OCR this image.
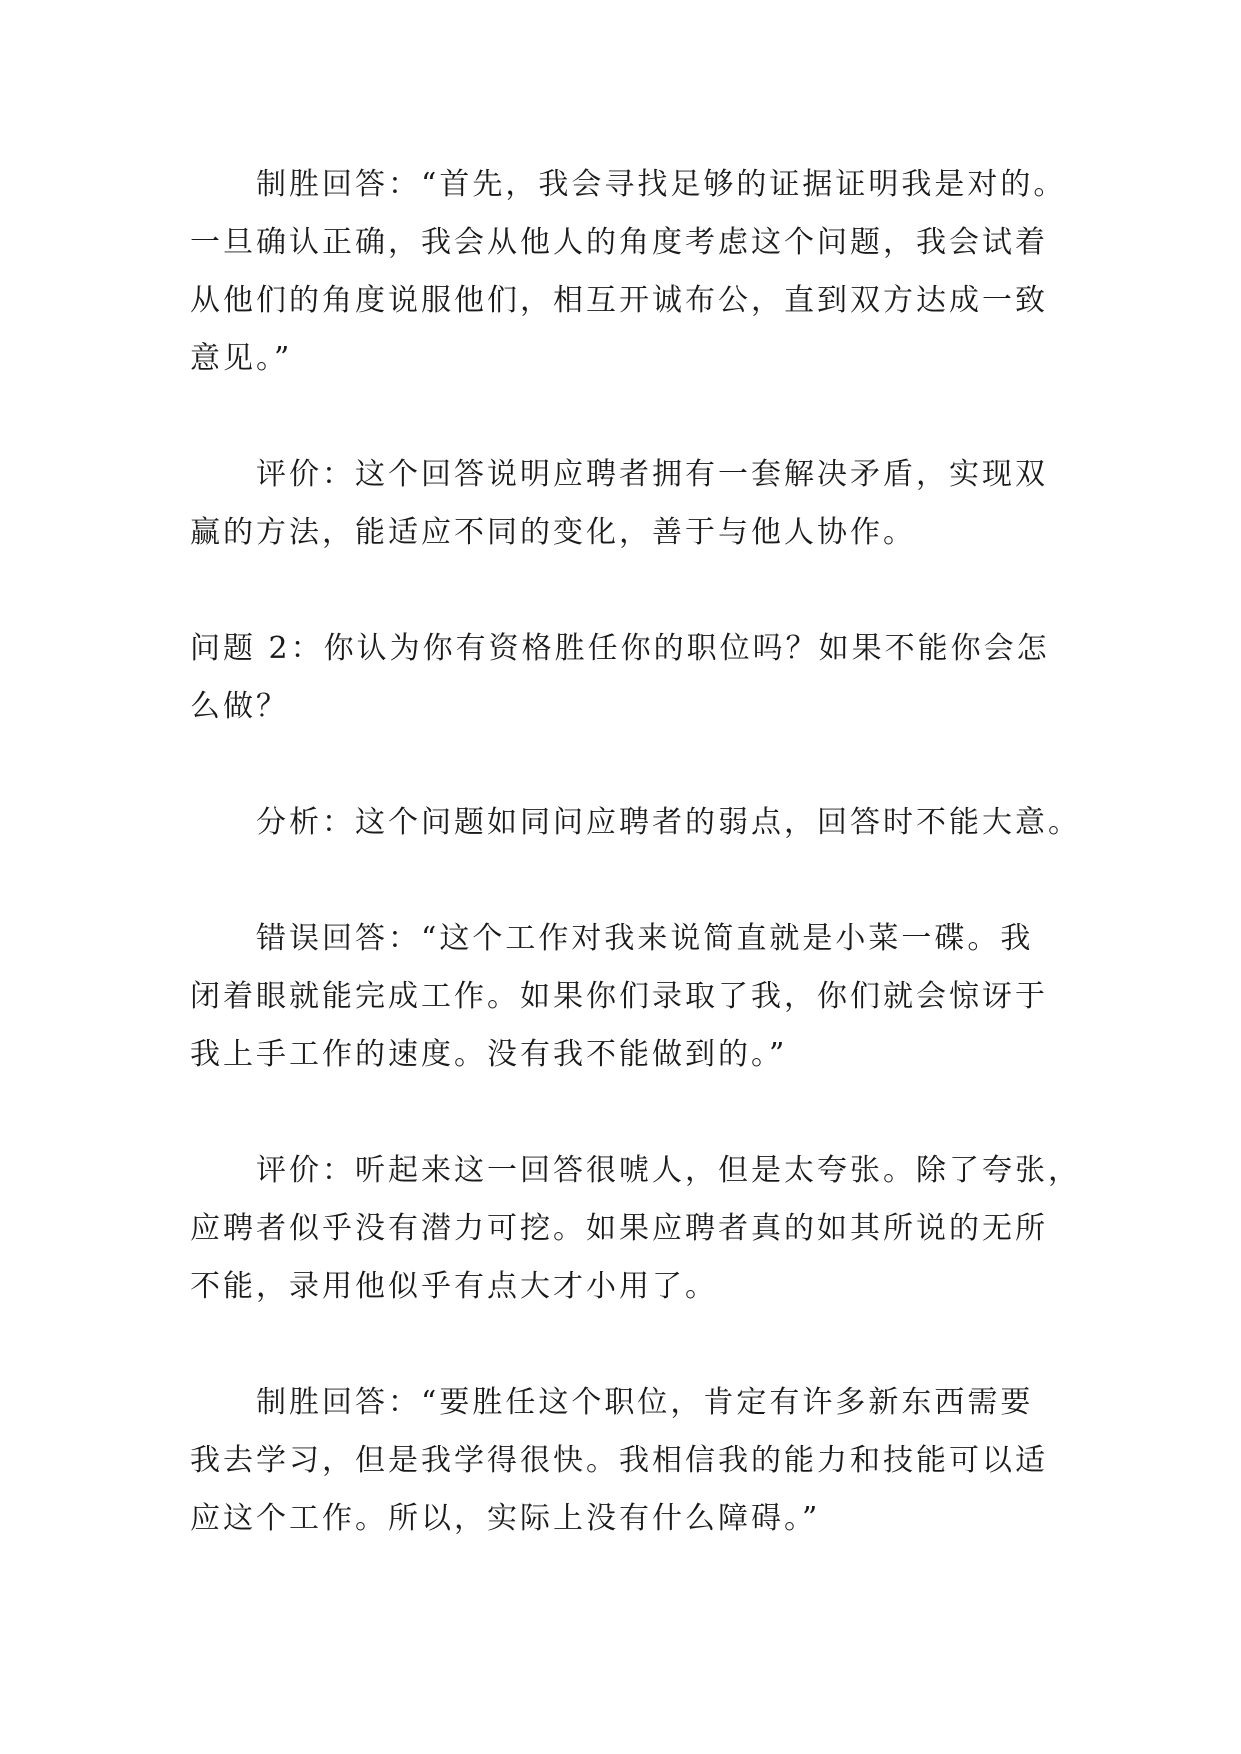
制胜回答：“首先，我会寻找足够的证据证明我是对的。
一旦确认正确，我会从他人的角度考虑这个问题，我会试着
从他们的角度说服他们，相互开诚布公，直到双方达成一致
意见。”

评价：这个回答说明应聘者拥有一套解决矛盾，实现双
赢的方法，能适应不同的变化，善于与他人协作。

问题 2：你认为你有资格胜任你的职位吗？如果不能你会怎
么做？

分析：这个问题如同问应聘者的弱点，回答时不能大意。

错误回答：“这个工作对我来说简直就是小菜一碟。我
闭着眼就能完成工作。如果你们录取了我，你们就会惊讶于
我上手工作的速度。没有我不能做到的。”

评价：听起来这一回答很唬人，但是太夸张。除了夸张，
应聘者似乎没有潜力可挖。如果应聘者真的如其所说的无所
不能，录用他似乎有点大才小用了。

制胜回答：“要胜任这个职位，肯定有许多新东西需要
我去学习，但是我学得很快。我相信我的能力和技能可以适
应这个工作。所以，实际上没有什么障碍。”
